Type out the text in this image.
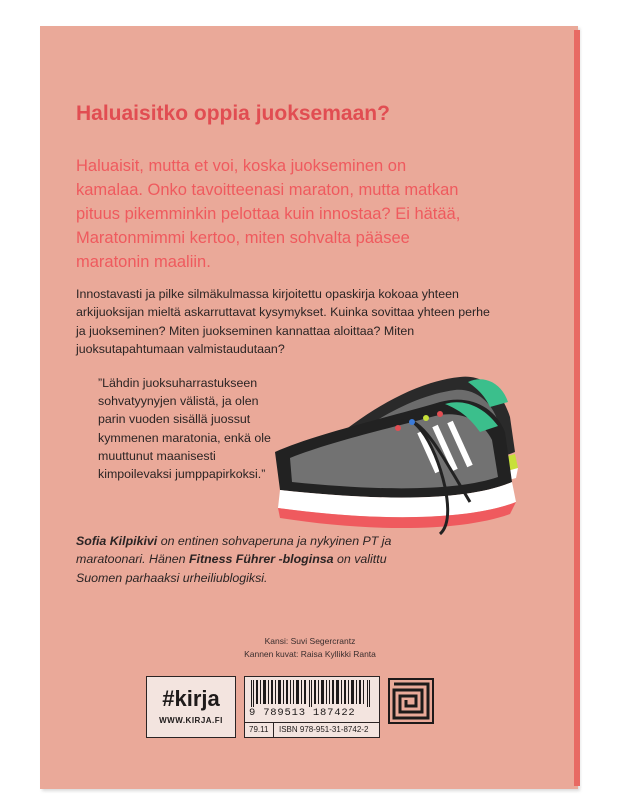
Haluaisitko oppia juoksemaan?

Haluaisit, mutta et voi, koska juokseminen on kamalaa. Onko tavoitteenasi maraton, mutta matkan pituus pikemminkin pelottaa kuin innostaa? Ei hätää, Maratonmimmi kertoo, miten sohvalta pääsee maratonin maaliin.

Innostavasti ja pilke silmäkulmassa kirjoitettu opaskirja kokoaa yhteen arkijuoksijan mieltä askarruttavat kysymykset. Kuinka sovittaa yhteen perhe ja juokseminen? Miten juokseminen kannattaa aloittaa? Miten juoksutapahtumaan valmistaudutaan?

”Lähdin juoksuharrastukseen sohvatyynyjen välistä, ja olen parin vuoden sisällä juossut kymmenen maratonia, enkä ole muuttunut maanisesti kimpoilevaksi jumppapirkoksi.”

Sofia Kilpikivi on entinen sohvaperuna ja nykyinen PT ja maratoonari. Hänen Fitness Führer -bloginsa on valittu Suomen parhaaksi urheiliublogiksi.

Kansi: Suvi Segercrantz
Kannen kuvat: Raisa Kyllikki Ranta
#kirja
WWW.KIRJA.FI
9 789513 187422
79.11 ISBN 978-951-31-8742-2
